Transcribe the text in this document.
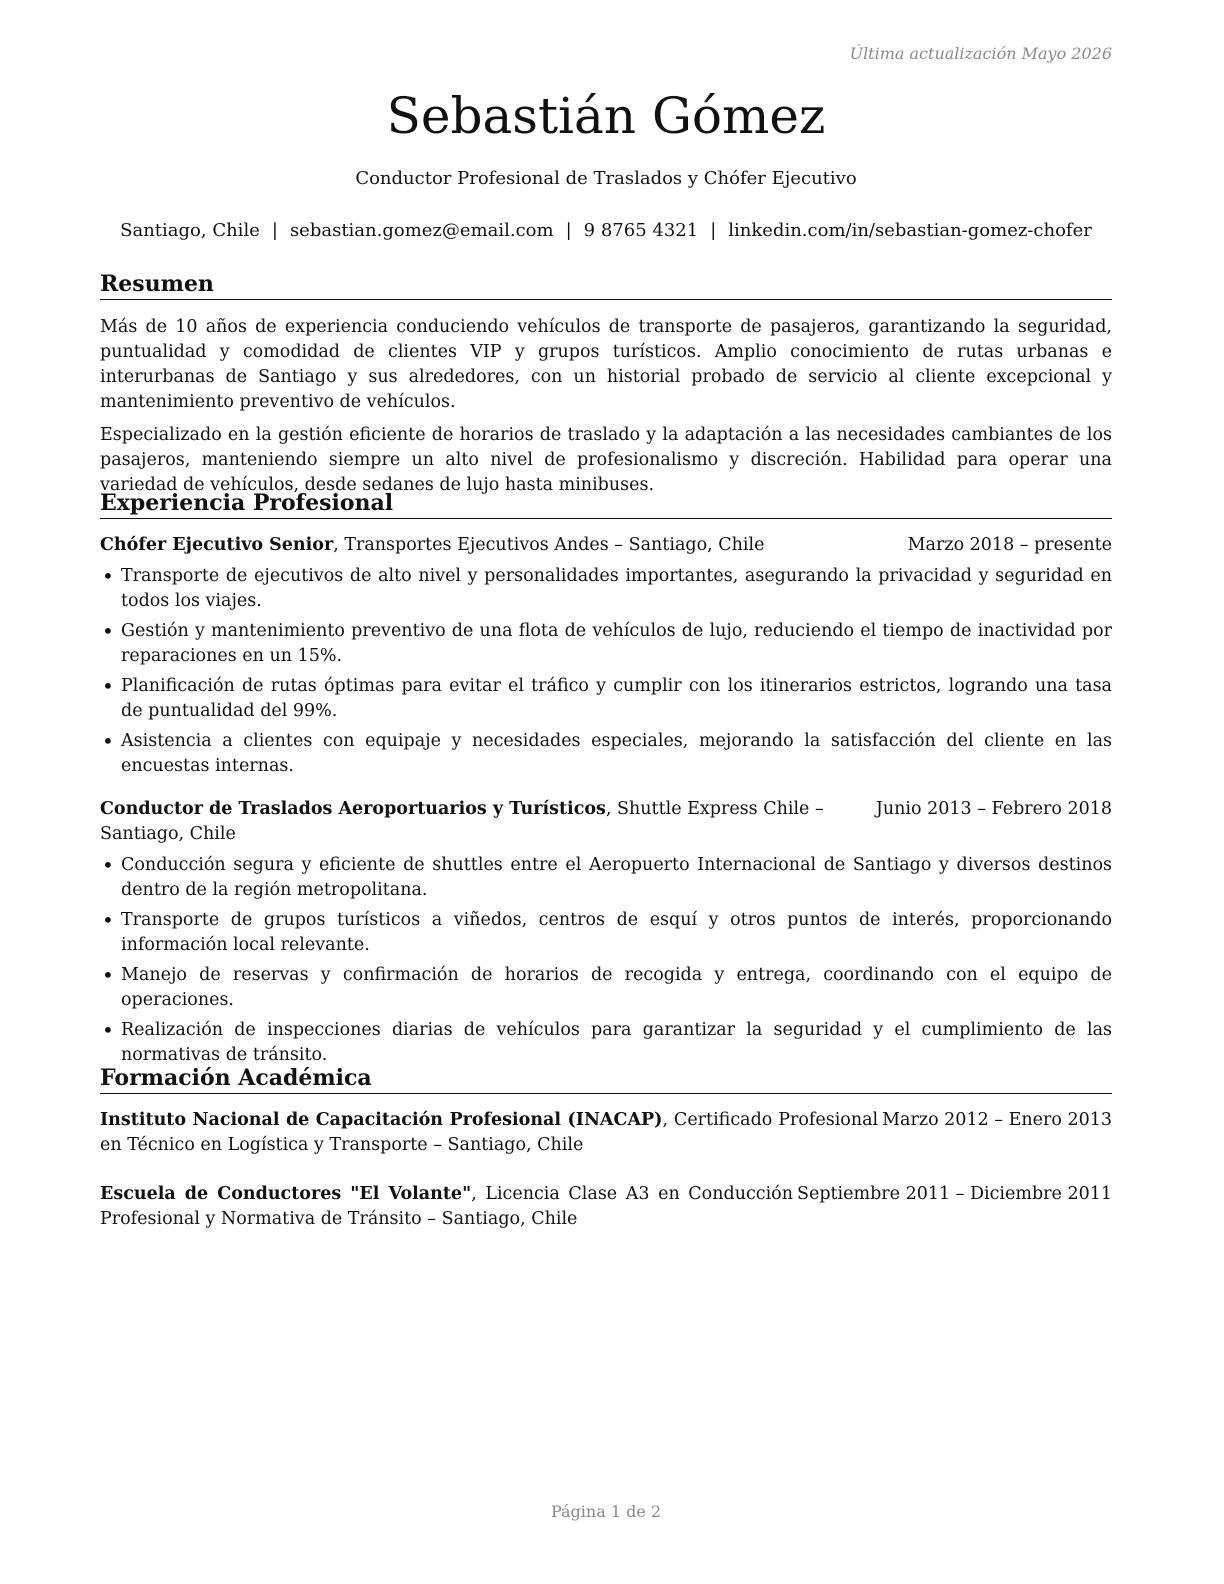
Última actualización Mayo 2026
Sebastián Gómez
Conductor Profesional de Traslados y Chófer Ejecutivo
Santiago, Chile | sebastian.gomez@email.com | 9 8765 4321 | linkedin.com/in/sebastian-gomez-chofer
Resumen

Más de 10 años de experiencia conduciendo vehículos de transporte de pasajeros, garantizando la seguridad, puntualidad y comodidad de clientes VIP y grupos turísticos. Amplio conocimiento de rutas urbanas e interurbanas de Santiago y sus alrededores, con un historial probado de servicio al cliente excepcional y mantenimiento preventivo de vehículos.

Especializado en la gestión eficiente de horarios de traslado y la adaptación a las necesidades cambiantes de los pasajeros, manteniendo siempre un alto nivel de profesionalismo y discreción. Habilidad para operar una variedad de vehículos, desde sedanes de lujo hasta minibuses.

Experiencia Profesional
Chófer Ejecutivo Senior, Transportes Ejecutivos Andes – Santiago, Chile	Marzo 2018 – presente
• Transporte de ejecutivos de alto nivel y personalidades importantes, asegurando la privacidad y seguridad en todos los viajes.
• Gestión y mantenimiento preventivo de una flota de vehículos de lujo, reduciendo el tiempo de inactividad por reparaciones en un 15%.
• Planificación de rutas óptimas para evitar el tráfico y cumplir con los itinerarios estrictos, logrando una tasa de puntualidad del 99%.
• Asistencia a clientes con equipaje y necesidades especiales, mejorando la satisfacción del cliente en las encuestas internas.
Conductor de Traslados Aeroportuarios y Turísticos, Shuttle Express Chile – Santiago, Chile
Junio 2013 – Febrero 2018
• Conducción segura y eficiente de shuttles entre el Aeropuerto Internacional de Santiago y diversos destinos dentro de la región metropolitana.
• Transporte de grupos turísticos a viñedos, centros de esquí y otros puntos de interés, proporcionando información local relevante.
• Manejo de reservas y confirmación de horarios de recogida y entrega, coordinando con el equipo de operaciones.
• Realización de inspecciones diarias de vehículos para garantizar la seguridad y el cumplimiento de las normativas de tránsito.
Formación Académica
Instituto Nacional de Capacitación Profesional (INACAP), Certificado Profesional en Técnico en Logística y Transporte – Santiago, Chile
Marzo 2012 – Enero 2013
Escuela de Conductores "El Volante", Licencia Clase A3 en Conducción Profesional y Normativa de Tránsito – Santiago, Chile
Septiembre 2011 – Diciembre 2011
Página 1 de 2
